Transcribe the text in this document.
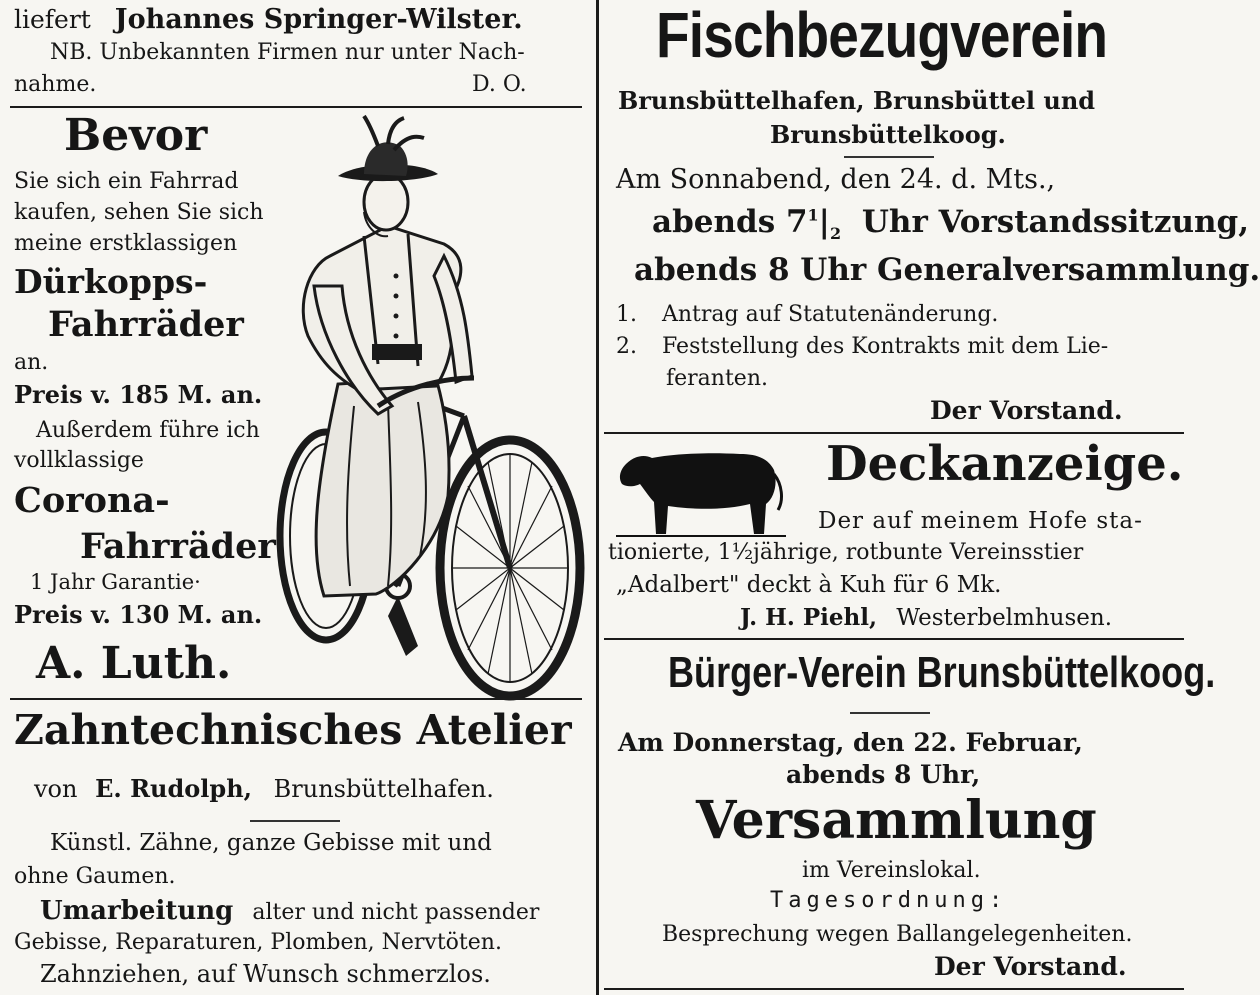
liefert Johannes Springer-Wilster.
NB. Unbekannten Firmen nur unter Nach-
nahme.	D. O.
Bevor
Sie sich ein Fahrrad
kaufen, sehen Sie sich
meine erstklassigen
Dürkopps-
Fahrräder
an.
Preis v. 185 M. an.
Außerdem führe ich
vollklassige
Corona-
Fahrräder
1 Jahr Garantie·
Preis v. 130 M. an.
A. Luth.
Zahntechnisches Atelier
von E. Rudolph, Brunsbüttelhafen.
Künstl. Zähne, ganze Gebisse mit und
ohne Gaumen.
Umarbeitung alter und nicht passender
Gebisse, Reparaturen, Plomben, Nervtöten.
Zahnziehen, auf Wunsch schmerzlos.
Fischbezugverein
Brunsbüttelhafen, Brunsbüttel und
Brunsbüttelkoog.
Am Sonnabend, den 24. d. Mts.,
abends $7^1|_2$ Uhr Vorstandssitzung,
abends 8 Uhr Generalversammlung.
1. Antrag auf Statutenänderung.
2. Feststellung des Kontrakts mit dem Lie-
feranten.
Der Vorstand.
Deckanzeige.
Der auf meinem Hofe sta-
tionierte, 1½jährige, rotbunte Vereinsstier
„Adalbert" deckt à Kuh für 6 Mk.
J. H. Piehl, Westerbelmhusen.
Bürger-Verein Brunsbüttelkoog.
Am Donnerstag, den 22. Februar,
abends 8 Uhr,
Versammlung
im Vereinslokal.
Tagesordnung:
Besprechung wegen Ballangelegenheiten.
Der Vorstand.
